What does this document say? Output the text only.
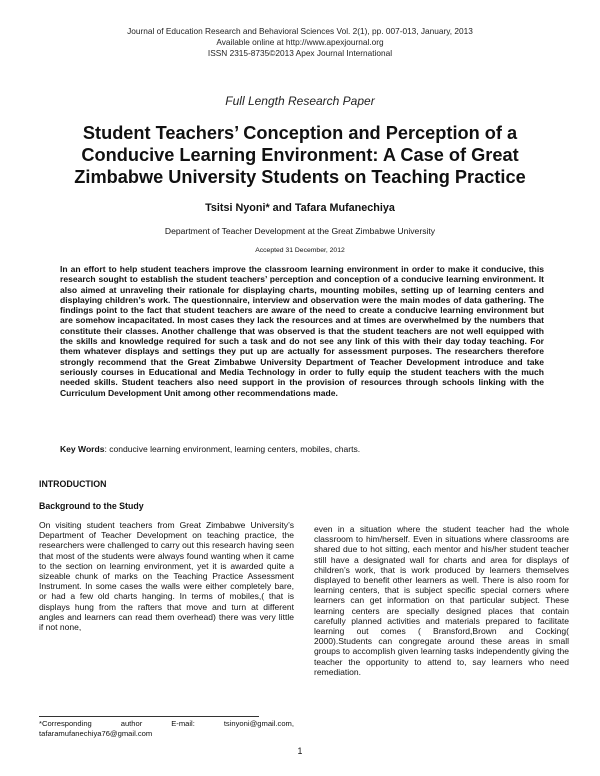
Journal of Education Research and Behavioral Sciences Vol. 2(1), pp. 007-013, January, 2013
Available online at http://www.apexjournal.org
ISSN 2315-8735©2013 Apex Journal International
Full Length Research Paper
Student Teachers’ Conception and Perception of a
Conducive Learning Environment: A Case of Great
Zimbabwe University Students on Teaching Practice
Tsitsi Nyoni* and Tafara Mufanechiya
Department of Teacher Development at the Great Zimbabwe University
Accepted 31 December, 2012
In an effort to help student teachers improve the classroom learning environment in order to make it conducive, this research sought to establish the student teachers’ perception and conception of a conducive learning environment. It also aimed at unraveling their rationale for displaying charts, mounting mobiles, setting up of learning centers and displaying children’s work. The questionnaire, interview and observation were the main modes of data gathering. The findings point to the fact that student teachers are aware of the need to create a conducive learning environment but are somehow incapacitated. In most cases they lack the resources and at times are overwhelmed by the numbers that constitute their classes. Another challenge that was observed is that the student teachers are not well equipped with the skills and knowledge required for such a task and do not see any link of this with their day today teaching. For them whatever displays and settings they put up are actually for assessment purposes. The researchers therefore strongly recommend that the Great Zimbabwe University Department of Teacher Development introduce and take seriously courses in Educational and Media Technology in order to fully equip the student teachers with the much needed skills. Student teachers also need support in the provision of resources through schools linking with the Curriculum Development Unit among other recommendations made.
Key Words: conducive learning environment, learning centers, mobiles, charts.
INTRODUCTION
Background to the Study
On visiting student teachers from Great Zimbabwe University’s Department of Teacher Development on teaching practice, the researchers were challenged to carry out this research having seen that most of the students were always found wanting when it came to the section on learning environment, yet it is awarded quite a sizeable chunk of marks on the Teaching Practice Assessment Instrument. In some cases the walls were either completely bare, or had a few old charts hanging. In terms of mobiles,( that is displays hung from the rafters that move and turn at different angles and learners can read them overhead) there was very little if not none,
even in a situation where the student teacher had the whole classroom to him/herself. Even in situations where classrooms are shared due to hot sitting, each mentor and his/her student teacher still have a designated wall for charts and area for displays of children’s work, that is work produced by learners themselves displayed to benefit other learners as well. There is also room for learning centers, that is subject specific special corners where learners can get information on that particular subject. These learning centers are specially designed places that contain carefully planned activities and materials prepared to facilitate learning out comes ( Bransford,Brown and Cocking( 2000).Students can congregate around these areas in small groups to accomplish given learning tasks independently giving the teacher the opportunity to attend to, say learners who need remediation.
*Corresponding author E-mail: tsinyoni@gmail.com, tafaramufanechiya76@gmail.com
1
